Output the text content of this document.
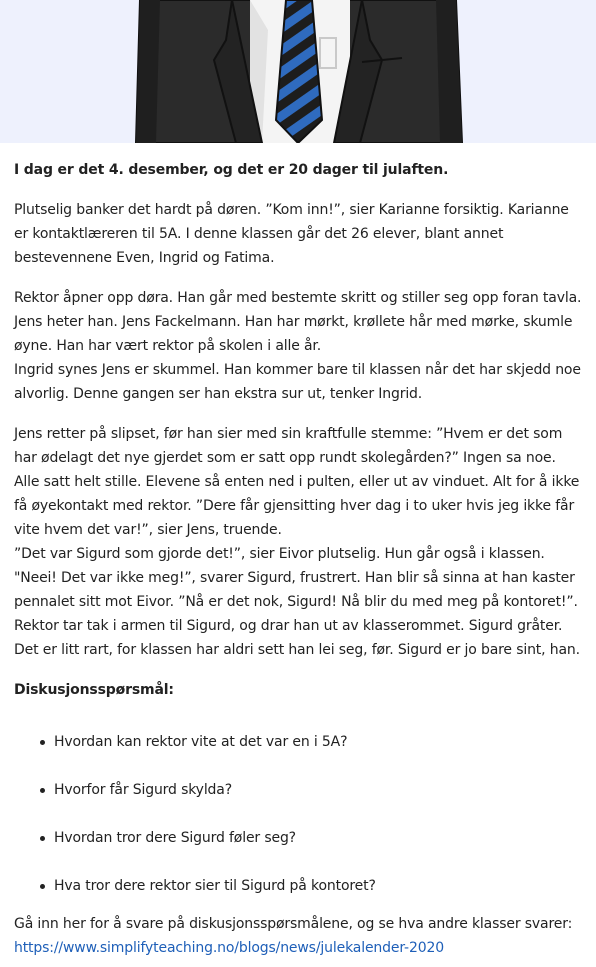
I dag er det 4. desember, og det er 20 dager til julaften.

Plutselig banker det hardt på døren. ”Kom inn!”, sier Karianne forsiktig. Karianne er kontaktlæreren til 5A. I denne klassen går det 26 elever, blant annet bestevennene Even, Ingrid og Fatima.

Rektor åpner opp døra. Han går med bestemte skritt og stiller seg opp foran tavla. Jens heter han. Jens Fackelmann. Han har mørkt, krøllete hår med mørke, skumle øyne. Han har vært rektor på skolen i alle år.

Ingrid synes Jens er skummel. Han kommer bare til klassen når det har skjedd noe alvorlig. Denne gangen ser han ekstra sur ut, tenker Ingrid.

Jens retter på slipset, før han sier med sin kraftfulle stemme: ”Hvem er det som har ødelagt det nye gjerdet som er satt opp rundt skolegården?” Ingen sa noe. Alle satt helt stille. Elevene så enten ned i pulten, eller ut av vinduet. Alt for å ikke få øyekontakt med rektor. ”Dere får gjensitting hver dag i to uker hvis jeg ikke får vite hvem det var!”, sier Jens, truende.

”Det var Sigurd som gjorde det!”, sier Eivor plutselig. Hun går også i klassen. "Neei! Det var ikke meg!”, svarer Sigurd, frustrert. Han blir så sinna at han kaster pennalet sitt mot Eivor. ”Nå er det nok, Sigurd! Nå blir du med meg på kontoret!”. Rektor tar tak i armen til Sigurd, og drar han ut av klasserommet. Sigurd gråter. Det er litt rart, for klassen har aldri sett han lei seg, før. Sigurd er jo bare sint, han.

Diskusjonsspørsmål:

Hvordan kan rektor vite at det var en i 5A?
Hvorfor får Sigurd skylda?
Hvordan tror dere Sigurd føler seg?
Hva tror dere rektor sier til Sigurd på kontoret?

Gå inn her for å svare på diskusjonsspørsmålene, og se hva andre klasser svarer:

https://www.simplifyteaching.no/blogs/news/julekalender-2020
